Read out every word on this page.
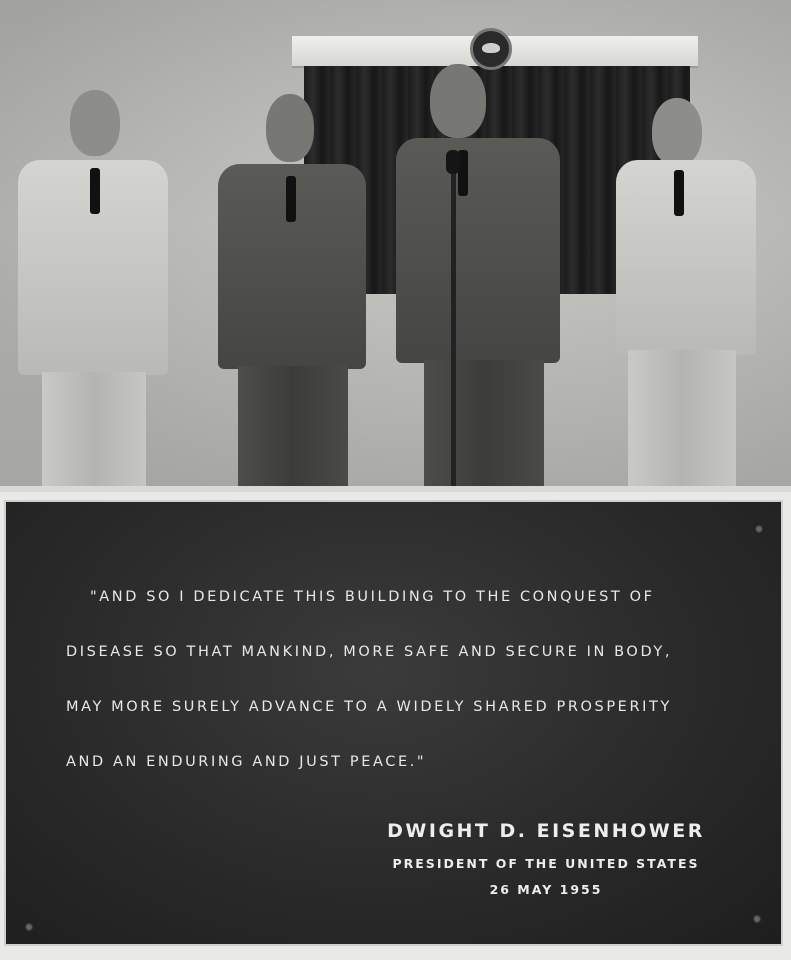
"AND SO I DEDICATE THIS BUILDING TO THE CONQUEST OF
DISEASE SO THAT MANKIND, MORE SAFE AND SECURE IN BODY,
MAY MORE SURELY ADVANCE TO A WIDELY SHARED PROSPERITY
AND AN ENDURING AND JUST PEACE."

DWIGHT D. EISENHOWER

PRESIDENT OF THE UNITED STATES

26 MAY 1955
